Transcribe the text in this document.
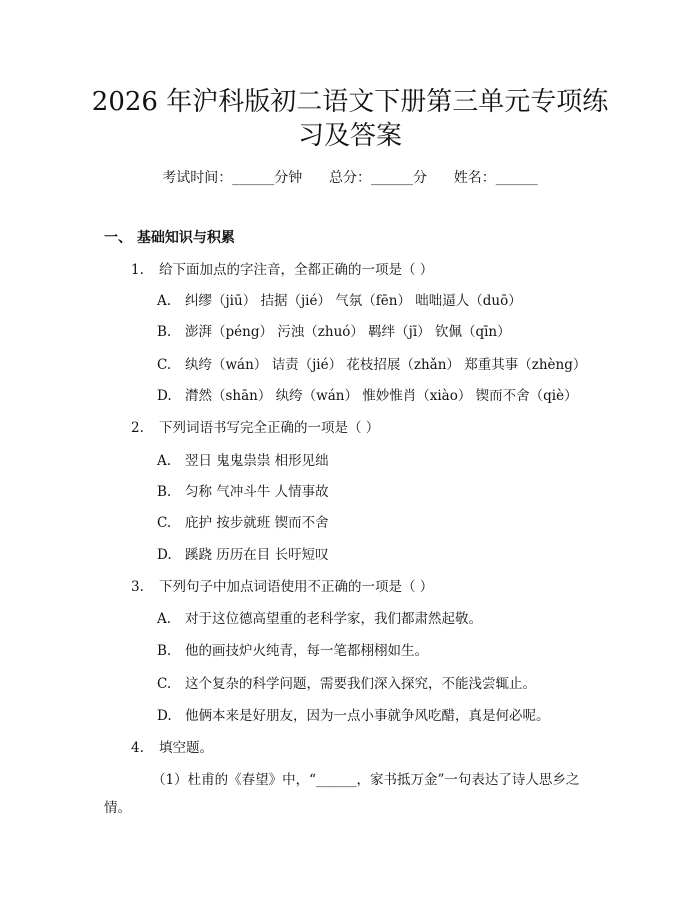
2026 年沪科版初二语文下册第三单元专项练
习及答案
考试时间：______分钟      总分：______分      姓名：______
一、 基础知识与积累
1. 给下面加点的字注音，全都正确的一项是（ ）
A. 纠缪（jiū） 拮据（jié） 气氛（fēn） 咄咄逼人（duō）
B. 澎湃（péng） 污浊（zhuó） 羁绊（jī） 钦佩（qīn）
C. 纨绔（wán） 诘责（jié） 花枝招展（zhǎn） 郑重其事（zhèng）
D. 潸然（shān） 纨绔（wán） 惟妙惟肖（xiào） 锲而不舍（qiè）
2. 下列词语书写完全正确的一项是（ ）
A. 翌日 鬼鬼祟祟 相形见绌
B. 匀称 气冲斗牛 人情事故
C. 庇护 按步就班 锲而不舍
D. 蹊跷 历历在目 长吁短叹
3. 下列句子中加点词语使用不正确的一项是（ ）
A. 对于这位德高望重的老科学家，我们都肃然起敬。
B. 他的画技炉火纯青，每一笔都栩栩如生。
C. 这个复杂的科学问题，需要我们深入探究，不能浅尝辄止。
D. 他俩本来是好朋友，因为一点小事就争风吃醋，真是何必呢。
4. 填空题。
（1）杜甫的《春望》中，“______，家书抵万金”一句表达了诗人思乡之情。
